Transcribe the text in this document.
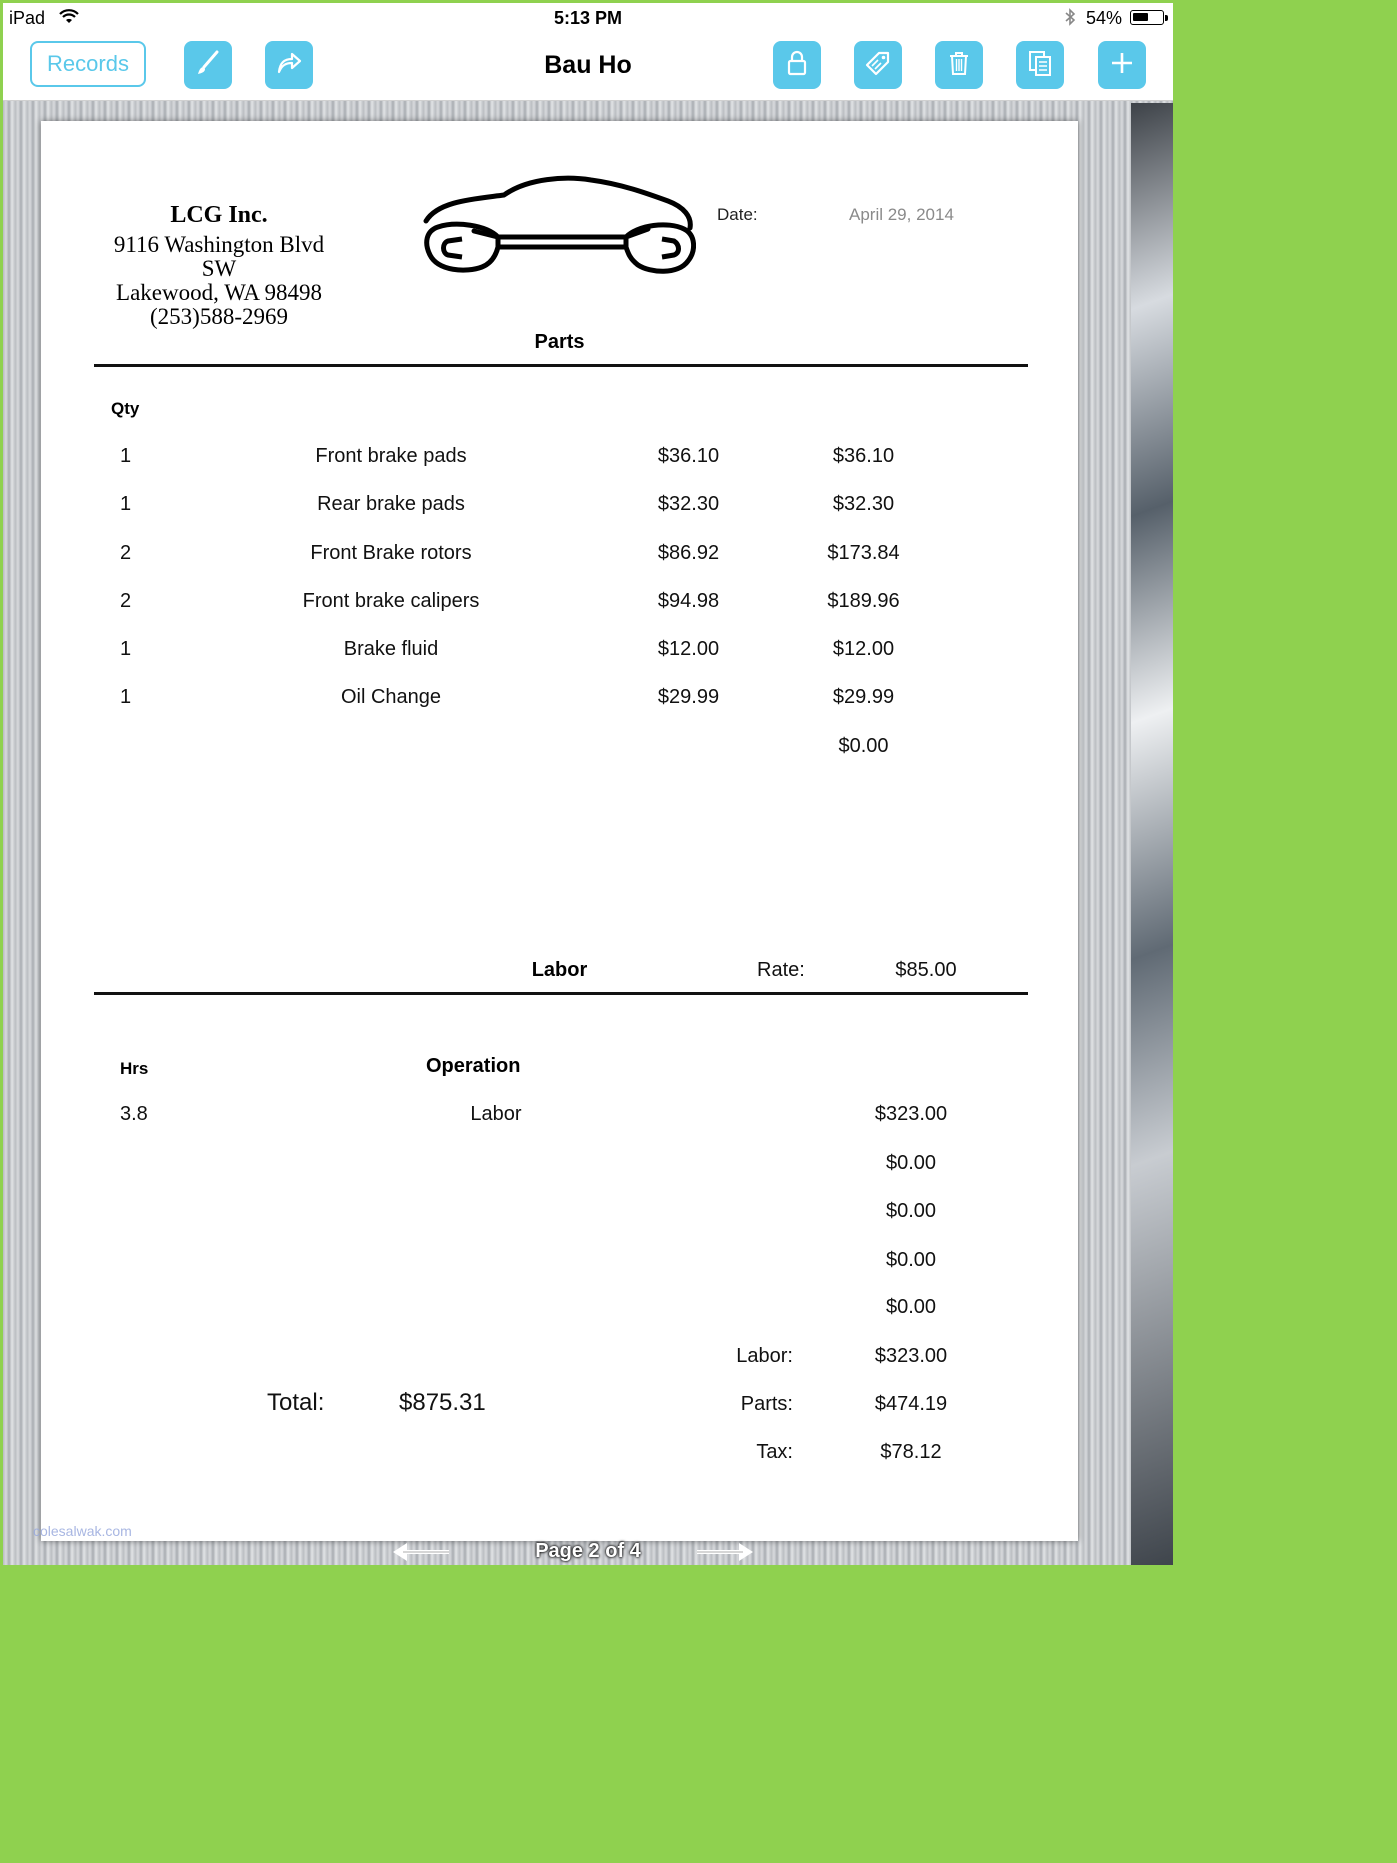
iPad	5:13 PM	54%
Records	Bau Ho
LCG Inc.
9116 Washington Blvd SW
Lakewood, WA 98498
(253)588-2969
Date:	April 29, 2014
Parts
Qty
1	Front brake pads	$36.10	$36.10
1	Rear brake pads	$32.30	$32.30
2	Front Brake rotors	$86.92	$173.84
2	Front brake calipers	$94.98	$189.96
1	Brake fluid	$12.00	$12.00
1	Oil Change	$29.99	$29.99
$0.00
Labor	Rate:	$85.00
Hrs	Operation
3.8	Labor	$323.00
$0.00
$0.00
$0.00
$0.00
Labor:	$323.00
Parts:	$474.19
Tax:	$78.12
Total:	$875.31
colesalwak.com
Page 2 of 4
